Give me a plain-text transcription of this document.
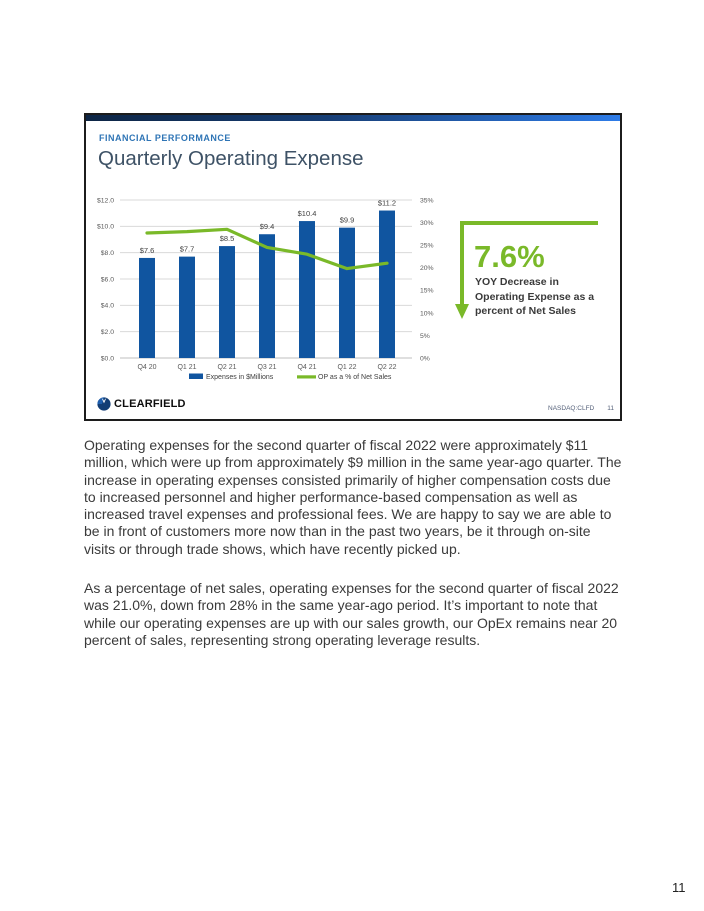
FINANCIAL PERFORMANCE
Quarterly Operating Expense
$0.0
$2.0
$4.0
$6.0
$8.0
$10.0
$12.0
0%
5%
10%
15%
20%
25%
30%
35%
$7.6	$7.7
$8.5
$9.4
$10.4
$9.9
$11.2
Q4 20	Q1 21	Q2 21	Q3 21	Q4 21	Q1 22	Q2 22
Expenses in $Millions	OP as a % of Net Sales
7.6%
YOY Decrease in
Operating Expense as a
percent of Net Sales
CLEARFIELD	NASDAQ:CLFD 11

Operating expenses for the second quarter of fiscal 2022 were approximately $11 million, which were up from approximately $9 million in the same year-ago quarter. The increase in operating expenses consisted primarily of higher compensation costs due to increased personnel and higher performance-based compensation as well as increased travel expenses and professional fees. We are happy to say we are able to be in front of customers more now than in the past two years, be it through on-site visits or through trade shows, which have recently picked up.

As a percentage of net sales, operating expenses for the second quarter of fiscal 2022 was 21.0%, down from 28% in the same year-ago period. It’s important to note that while our operating expenses are up with our sales growth, our OpEx remains near 20 percent of sales, representing strong operating leverage results.

11
